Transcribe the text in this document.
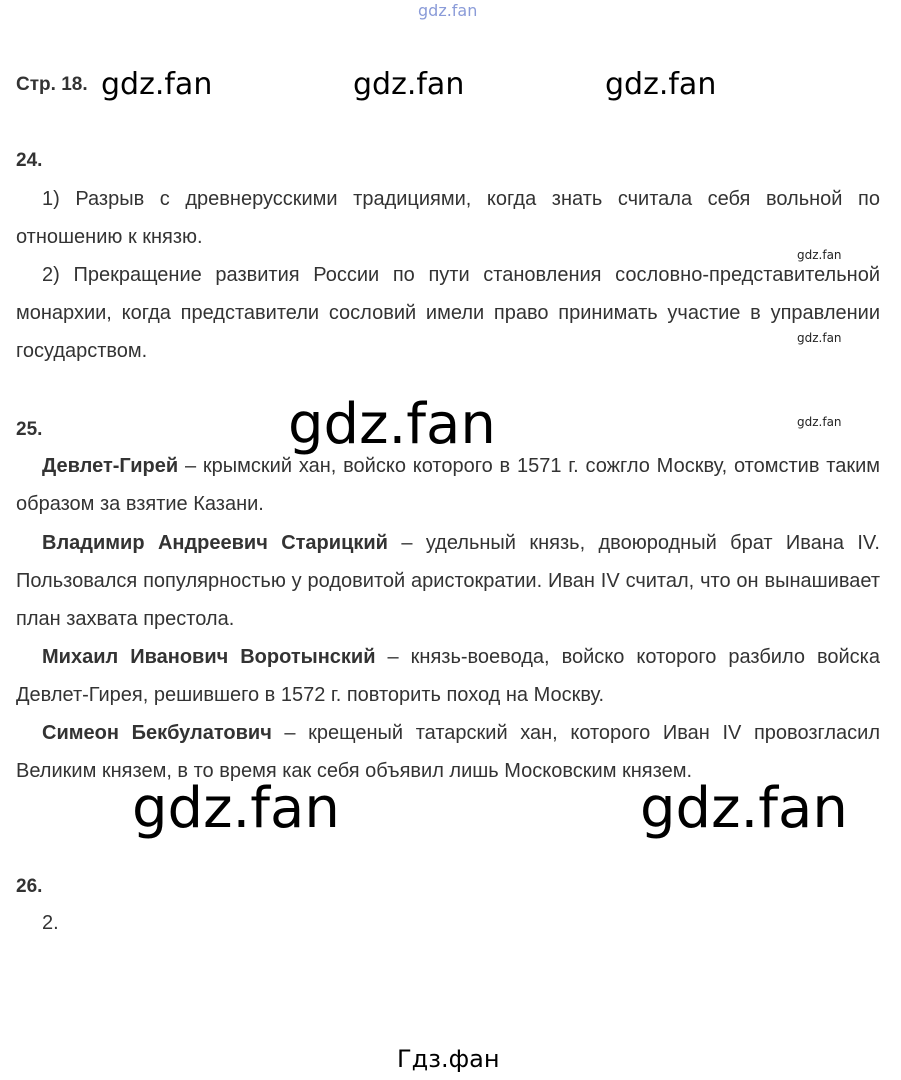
gdz.fan
Стр. 18. gdz.fan	gdz.fan	gdz.fan
24.

1) Разрыв с древнерусскими традициями, когда знать считала себя вольной по отношению к князю.

2) Прекращение развития России по пути становления сословно-представительной монархии, когда представители сословий имели право принимать участие в управлении государством.

gdz.fan
gdz.fan
gdz.fan
25.	gdz.fan

Девлет-Гирей – крымский хан, войско которого в 1571 г. сожгло Москву, отомстив таким образом за взятие Казани.

Владимир Андреевич Старицкий – удельный князь, двоюродный брат Ивана IV. Пользовался популярностью у родовитой аристократии. Иван IV считал, что он вынашивает план захвата престола.

Михаил Иванович Воротынский – князь-воевода, войско которого разбило войска Девлет-Гирея, решившего в 1572 г. повторить поход на Москву.

Симеон Бекбулатович – крещеный татарский хан, которого Иван IV провозгласил Великим князем, в то время как себя объявил лишь Московским князем.

gdz.fan	gdz.fan
26.
2.
Гдз.фан
